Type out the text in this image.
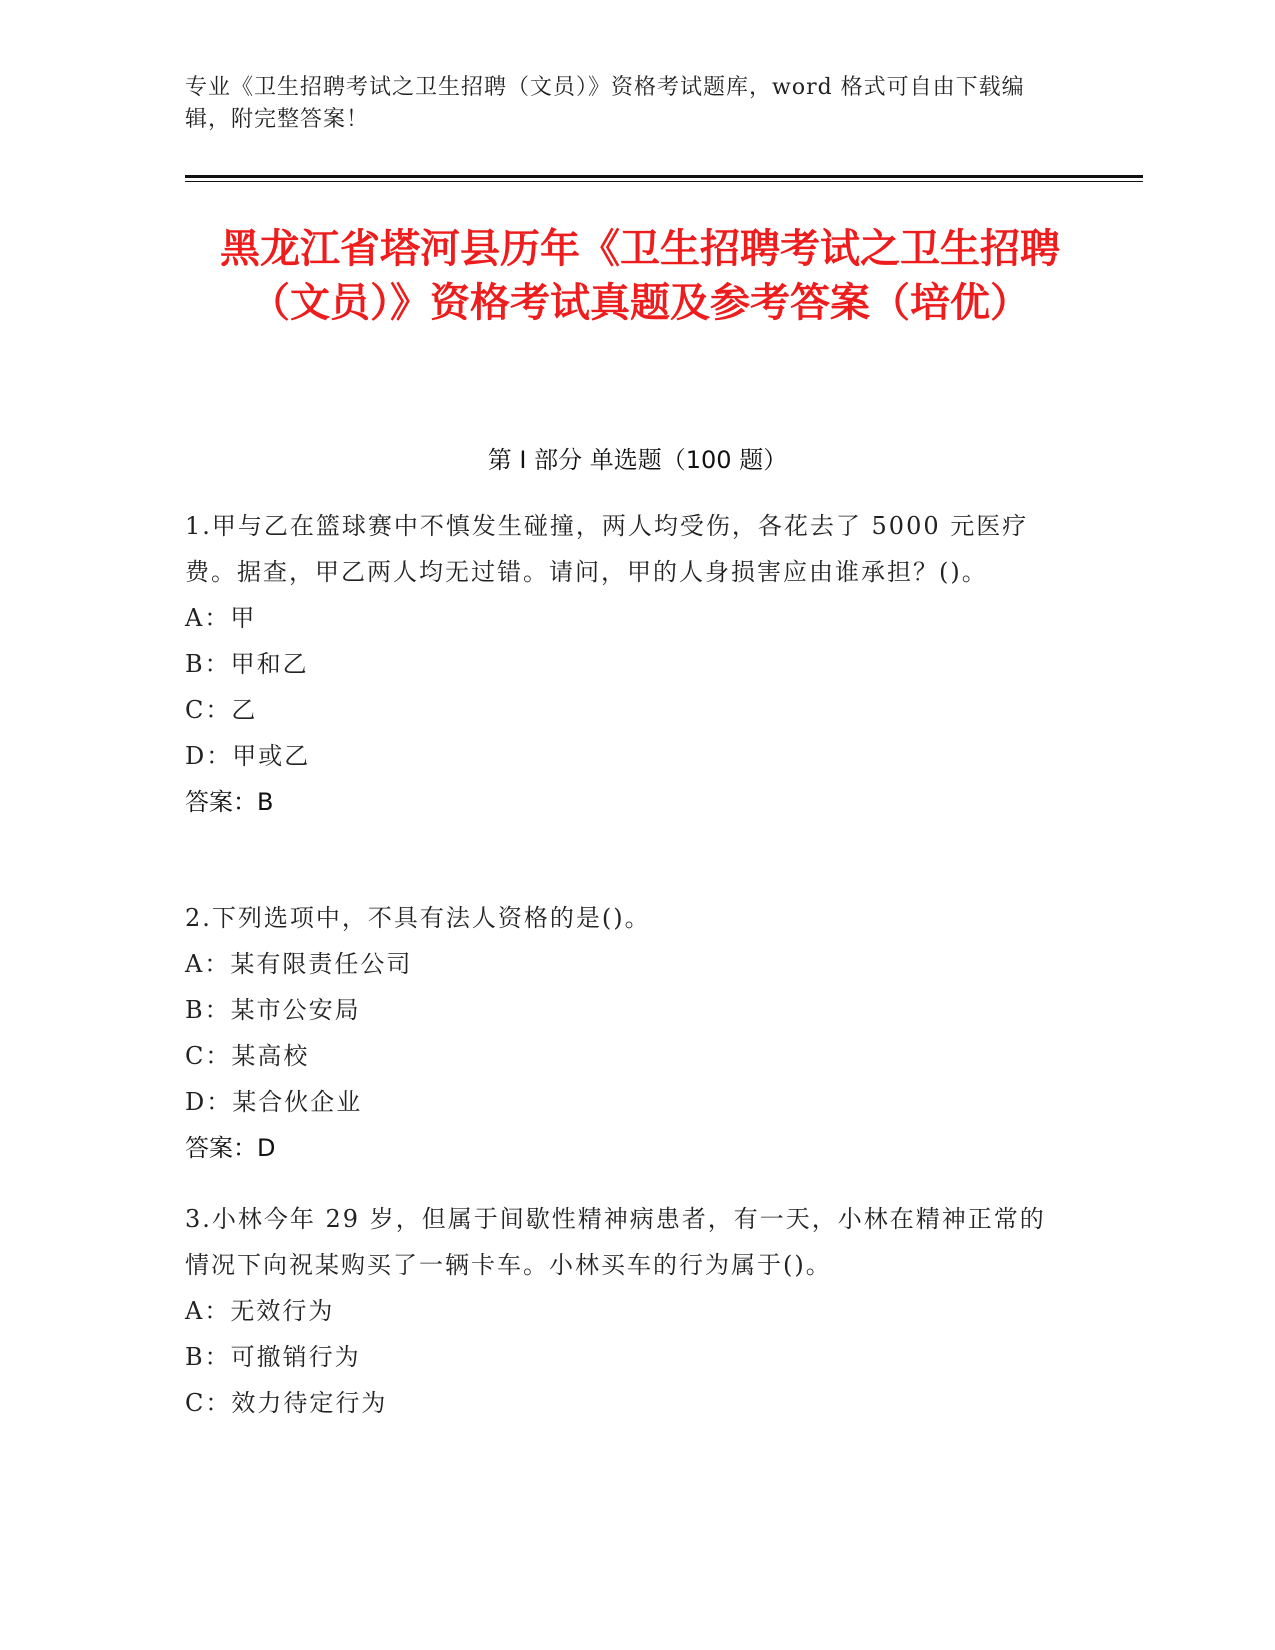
专业《卫生招聘考试之卫生招聘（文员）》资格考试题库，word 格式可自由下载编辑，附完整答案！
黑龙江省塔河县历年《卫生招聘考试之卫生招聘（文员）》资格考试真题及参考答案（培优）
第 I 部分 单选题（100 题）
1.甲与乙在篮球赛中不慎发生碰撞，两人均受伤，各花去了 5000 元医疗费。据查，甲乙两人均无过错。请问，甲的人身损害应由谁承担？()。
A：甲
B：甲和乙
C：乙
D：甲或乙
答案：B
2.下列选项中，不具有法人资格的是()。
A：某有限责任公司
B：某市公安局
C：某高校
D：某合伙企业
答案：D
3.小林今年 29 岁，但属于间歇性精神病患者，有一天，小林在精神正常的情况下向祝某购买了一辆卡车。小林买车的行为属于()。
A：无效行为
B：可撤销行为
C：效力待定行为
